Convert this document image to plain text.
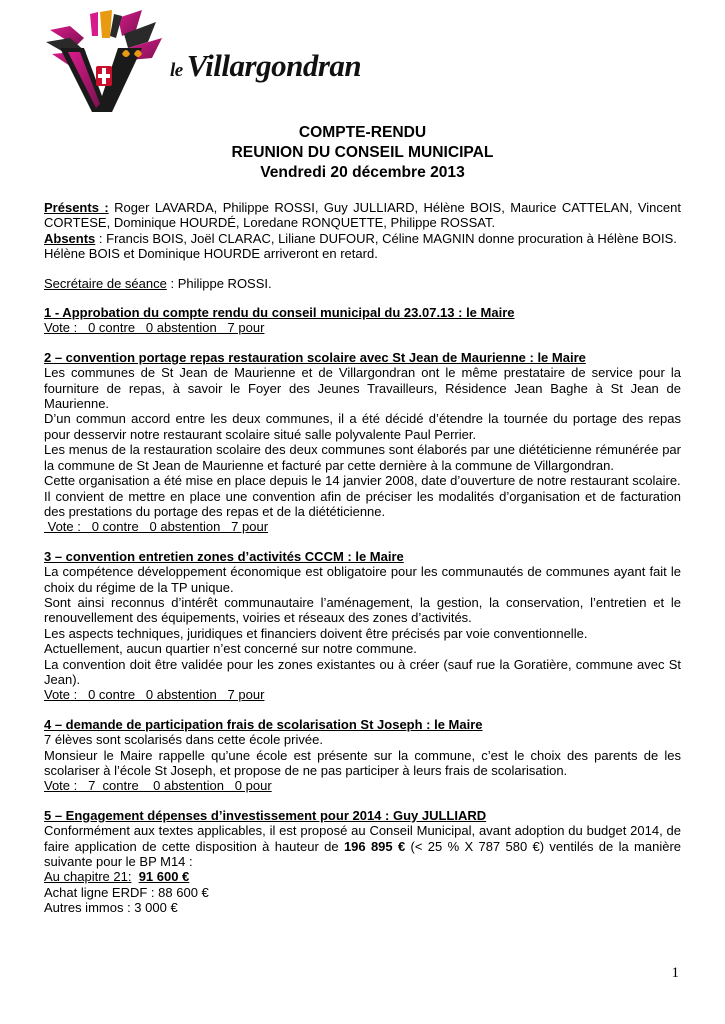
le Villargondran
COMPTE-RENDU
REUNION DU CONSEIL MUNICIPAL
Vendredi 20 décembre 2013

Présents : Roger LAVARDA, Philippe ROSSI, Guy JULLIARD, Hélène BOIS, Maurice CATTELAN, Vincent CORTESE, Dominique HOURDÉ, Loredane RONQUETTE, Philippe ROSSAT.

Absents : Francis BOIS, Joël CLARAC, Liliane DUFOUR, Céline MAGNIN donne procuration à Hélène BOIS.

Hélène BOIS et Dominique HOURDE arriveront en retard.

Secrétaire de séance : Philippe ROSSI.

1 - Approbation du compte rendu du conseil municipal du 23.07.13 : le Maire

Vote :   0 contre   0 abstention   7 pour

2 – convention portage repas restauration scolaire avec St Jean de Maurienne : le Maire

Les communes de St Jean de Maurienne et de Villargondran ont le même prestataire de service pour la fourniture de repas, à savoir le Foyer des Jeunes Travailleurs, Résidence Jean Baghe à St Jean de Maurienne.

D’un commun accord entre les deux communes, il a été décidé d’étendre la tournée du portage des repas pour desservir notre restaurant scolaire situé salle polyvalente Paul Perrier.

Les menus de la restauration scolaire des deux communes sont élaborés par une diététicienne rémunérée par la commune de St Jean de Maurienne et facturé par cette dernière à la commune de Villargondran.

Cette organisation a été mise en place depuis le 14 janvier 2008, date d’ouverture de notre restaurant scolaire.

Il convient de mettre en place une convention afin de préciser les modalités d’organisation et de facturation des prestations du portage des repas et de la diététicienne.

Vote :   0 contre   0 abstention   7 pour

3 – convention entretien zones d’activités CCCM : le Maire

La compétence développement économique est obligatoire pour les communautés de communes ayant fait le choix du régime de la TP unique.

Sont ainsi reconnus d’intérêt communautaire l’aménagement, la gestion, la conservation, l’entretien et le renouvellement des équipements, voiries et réseaux des zones d’activités.

Les aspects techniques, juridiques et financiers doivent être précisés par voie conventionnelle.

Actuellement, aucun quartier n’est concerné sur notre commune.

La convention doit être validée pour les zones existantes ou à créer (sauf rue la Goratière, commune avec St Jean).

Vote :   0 contre   0 abstention   7 pour

4 – demande de participation frais de scolarisation St Joseph : le Maire

7 élèves sont scolarisés dans cette école privée.

Monsieur le Maire rappelle qu’une école est présente sur la commune, c’est le choix des parents de les scolariser à l’école St Joseph, et propose de ne pas participer à leurs frais de scolarisation.

Vote :   7  contre    0 abstention   0 pour

5 – Engagement dépenses d’investissement pour 2014 : Guy JULLIARD

Conformément aux textes applicables, il est proposé au Conseil Municipal, avant adoption du budget 2014, de faire application de cette disposition à hauteur de 196 895 € (< 25 % X 787 580 €) ventilés de la manière suivante pour le BP M14 :

Au chapitre 21: 91 600 €

Achat ligne ERDF : 88 600 €

Autres immos : 3 000 €

1
